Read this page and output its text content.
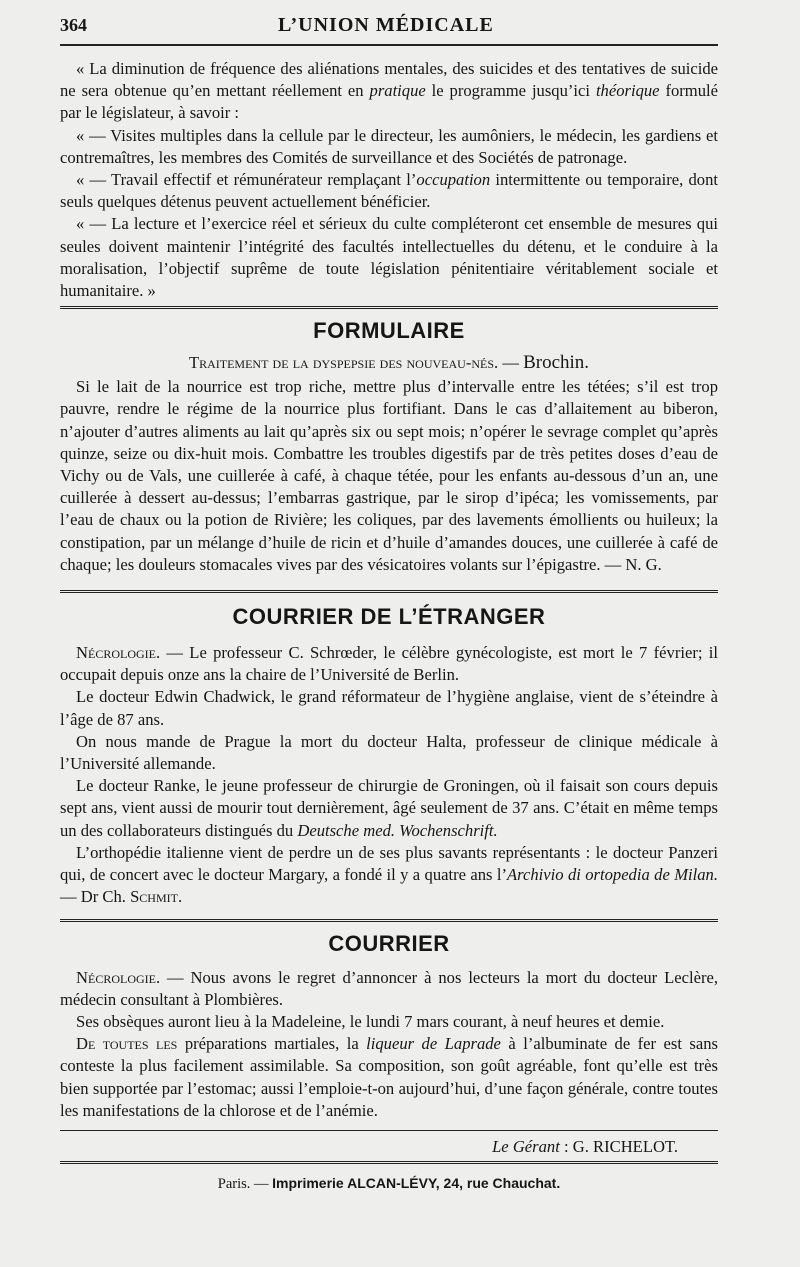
364	L’UNION MÉDICALE

« La diminution de fréquence des aliénations mentales, des suicides et des tentatives de suicide ne sera obtenue qu’en mettant réellement en pratique le programme jusqu’ici théorique formulé par le législateur, à savoir :

« — Visites multiples dans la cellule par le directeur, les aumôniers, le médecin, les gardiens et contremaîtres, les membres des Comités de surveillance et des Sociétés de patronage.

« — Travail effectif et rémunérateur remplaçant l’occupation intermittente ou temporaire, dont seuls quelques détenus peuvent actuellement bénéficier.

« — La lecture et l’exercice réel et sérieux du culte compléteront cet ensemble de mesures qui seules doivent maintenir l’intégrité des facultés intellectuelles du détenu, et le conduire à la moralisation, l’objectif suprême de toute législation pénitentiaire véritablement sociale et humanitaire. »

FORMULAIRE
Traitement de la dyspepsie des nouveau-nés. — Brochin.

Si le lait de la nourrice est trop riche, mettre plus d’intervalle entre les tétées; s’il est trop pauvre, rendre le régime de la nourrice plus fortifiant. Dans le cas d’allaitement au biberon, n’ajouter d’autres aliments au lait qu’après six ou sept mois; n’opérer le sevrage complet qu’après quinze, seize ou dix-huit mois. Combattre les troubles digestifs par de très petites doses d’eau de Vichy ou de Vals, une cuillerée à café, à chaque tétée, pour les enfants au-dessous d’un an, une cuillerée à dessert au-dessus; l’embarras gastrique, par le sirop d’ipéca; les vomissements, par l’eau de chaux ou la potion de Rivière; les coliques, par des lavements émollients ou huileux; la constipation, par un mélange d’huile de ricin et d’huile d’amandes douces, une cuillerée à café de chaque; les douleurs stomacales vives par des vésicatoires volants sur l’épigastre. — N. G.

COURRIER DE L’ÉTRANGER

Nécrologie. — Le professeur C. Schrœder, le célèbre gynécologiste, est mort le 7 février; il occupait depuis onze ans la chaire de l’Université de Berlin.

Le docteur Edwin Chadwick, le grand réformateur de l’hygiène anglaise, vient de s’éteindre à l’âge de 87 ans.

On nous mande de Prague la mort du docteur Halta, professeur de clinique médicale à l’Université allemande.

Le docteur Ranke, le jeune professeur de chirurgie de Groningen, où il faisait son cours depuis sept ans, vient aussi de mourir tout dernièrement, âgé seulement de 37 ans. C’était en même temps un des collaborateurs distingués du Deutsche med. Wochenschrift.

L’orthopédie italienne vient de perdre un de ses plus savants représentants : le docteur Panzeri qui, de concert avec le docteur Margary, a fondé il y a quatre ans l’Archivio di ortopedia de Milan. — Dr Ch. Schmit.

COURRIER

Nécrologie. — Nous avons le regret d’annoncer à nos lecteurs la mort du docteur Leclère, médecin consultant à Plombières.

Ses obsèques auront lieu à la Madeleine, le lundi 7 mars courant, à neuf heures et demie.

De toutes les préparations martiales, la liqueur de Laprade à l’albuminate de fer est sans conteste la plus facilement assimilable. Sa composition, son goût agréable, font qu’elle est très bien supportée par l’estomac; aussi l’emploie-t-on aujourd’hui, d’une façon générale, contre toutes les manifestations de la chlorose et de l’anémie.

Le Gérant : G. RICHELOT.
Paris. — Imprimerie ALCAN-LÉVY, 24, rue Chauchat.
